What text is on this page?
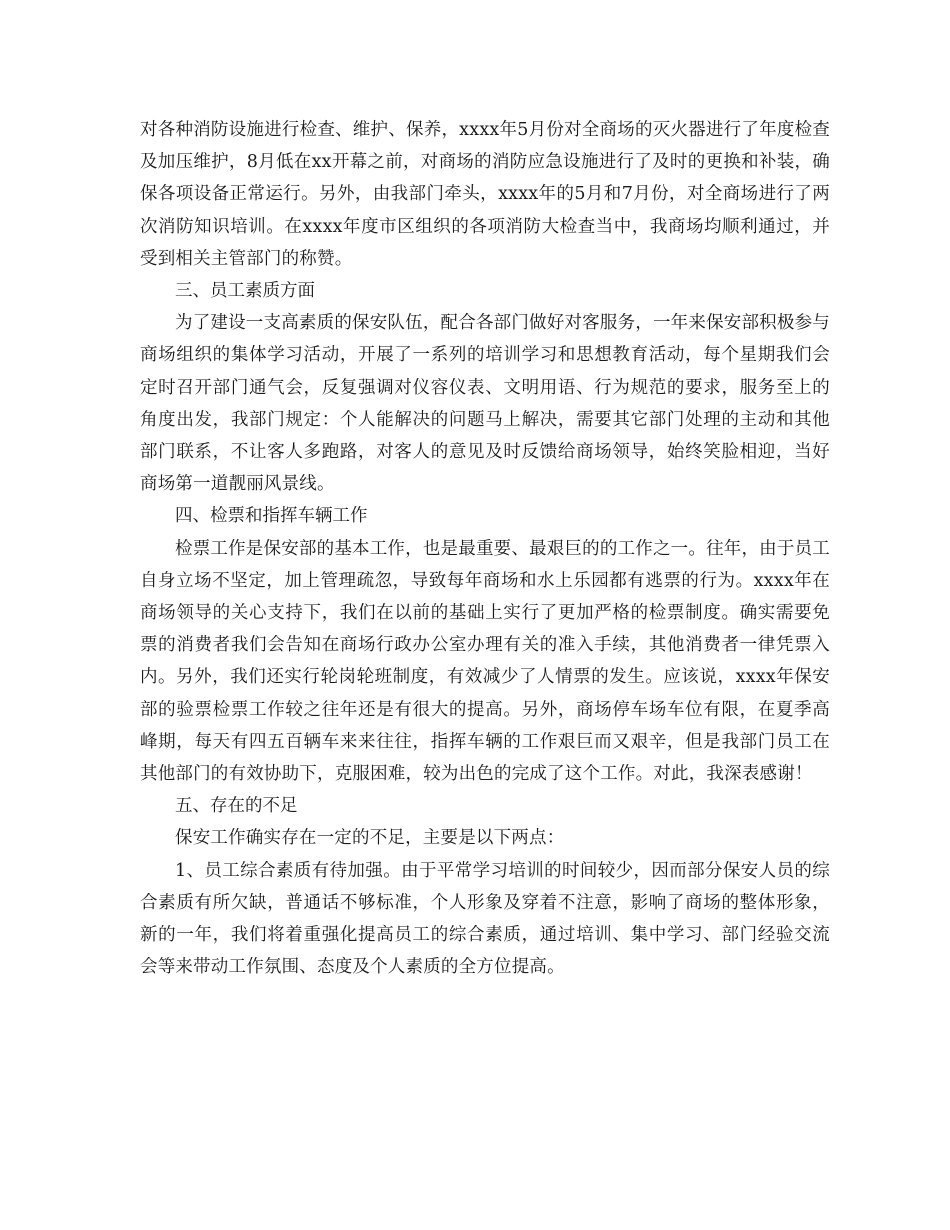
对各种消防设施进行检查、维护、保养，xxxx年5月份对全商场的灭火器进行了年度检查及加压维护，8月低在xx开幕之前，对商场的消防应急设施进行了及时的更换和补装，确保各项设备正常运行。另外，由我部门牵头，xxxx年的5月和7月份，对全商场进行了两次消防知识培训。在xxxx年度市区组织的各项消防大检查当中，我商场均顺利通过，并受到相关主管部门的称赞。

三、员工素质方面

为了建设一支高素质的保安队伍，配合各部门做好对客服务，一年来保安部积极参与商场组织的集体学习活动，开展了一系列的培训学习和思想教育活动，每个星期我们会定时召开部门通气会，反复强调对仪容仪表、文明用语、行为规范的要求，服务至上的角度出发，我部门规定：个人能解决的问题马上解决，需要其它部门处理的主动和其他部门联系，不让客人多跑路，对客人的意见及时反馈给商场领导，始终笑脸相迎，当好商场第一道靓丽风景线。

四、检票和指挥车辆工作

检票工作是保安部的基本工作，也是最重要、最艰巨的的工作之一。往年，由于员工自身立场不坚定，加上管理疏忽，导致每年商场和水上乐园都有逃票的行为。xxxx年在商场领导的关心支持下，我们在以前的基础上实行了更加严格的检票制度。确实需要免票的消费者我们会告知在商场行政办公室办理有关的准入手续，其他消费者一律凭票入内。另外，我们还实行轮岗轮班制度，有效减少了人情票的发生。应该说，xxxx年保安部的验票检票工作较之往年还是有很大的提高。另外，商场停车场车位有限，在夏季高峰期，每天有四五百辆车来来往往，指挥车辆的工作艰巨而又艰辛，但是我部门员工在其他部门的有效协助下，克服困难，较为出色的完成了这个工作。对此，我深表感谢！

五、存在的不足

保安工作确实存在一定的不足，主要是以下两点：

1、员工综合素质有待加强。由于平常学习培训的时间较少，因而部分保安人员的综合素质有所欠缺，普通话不够标准，个人形象及穿着不注意，影响了商场的整体形象，新的一年，我们将着重强化提高员工的综合素质，通过培训、集中学习、部门经验交流会等来带动工作氛围、态度及个人素质的全方位提高。
